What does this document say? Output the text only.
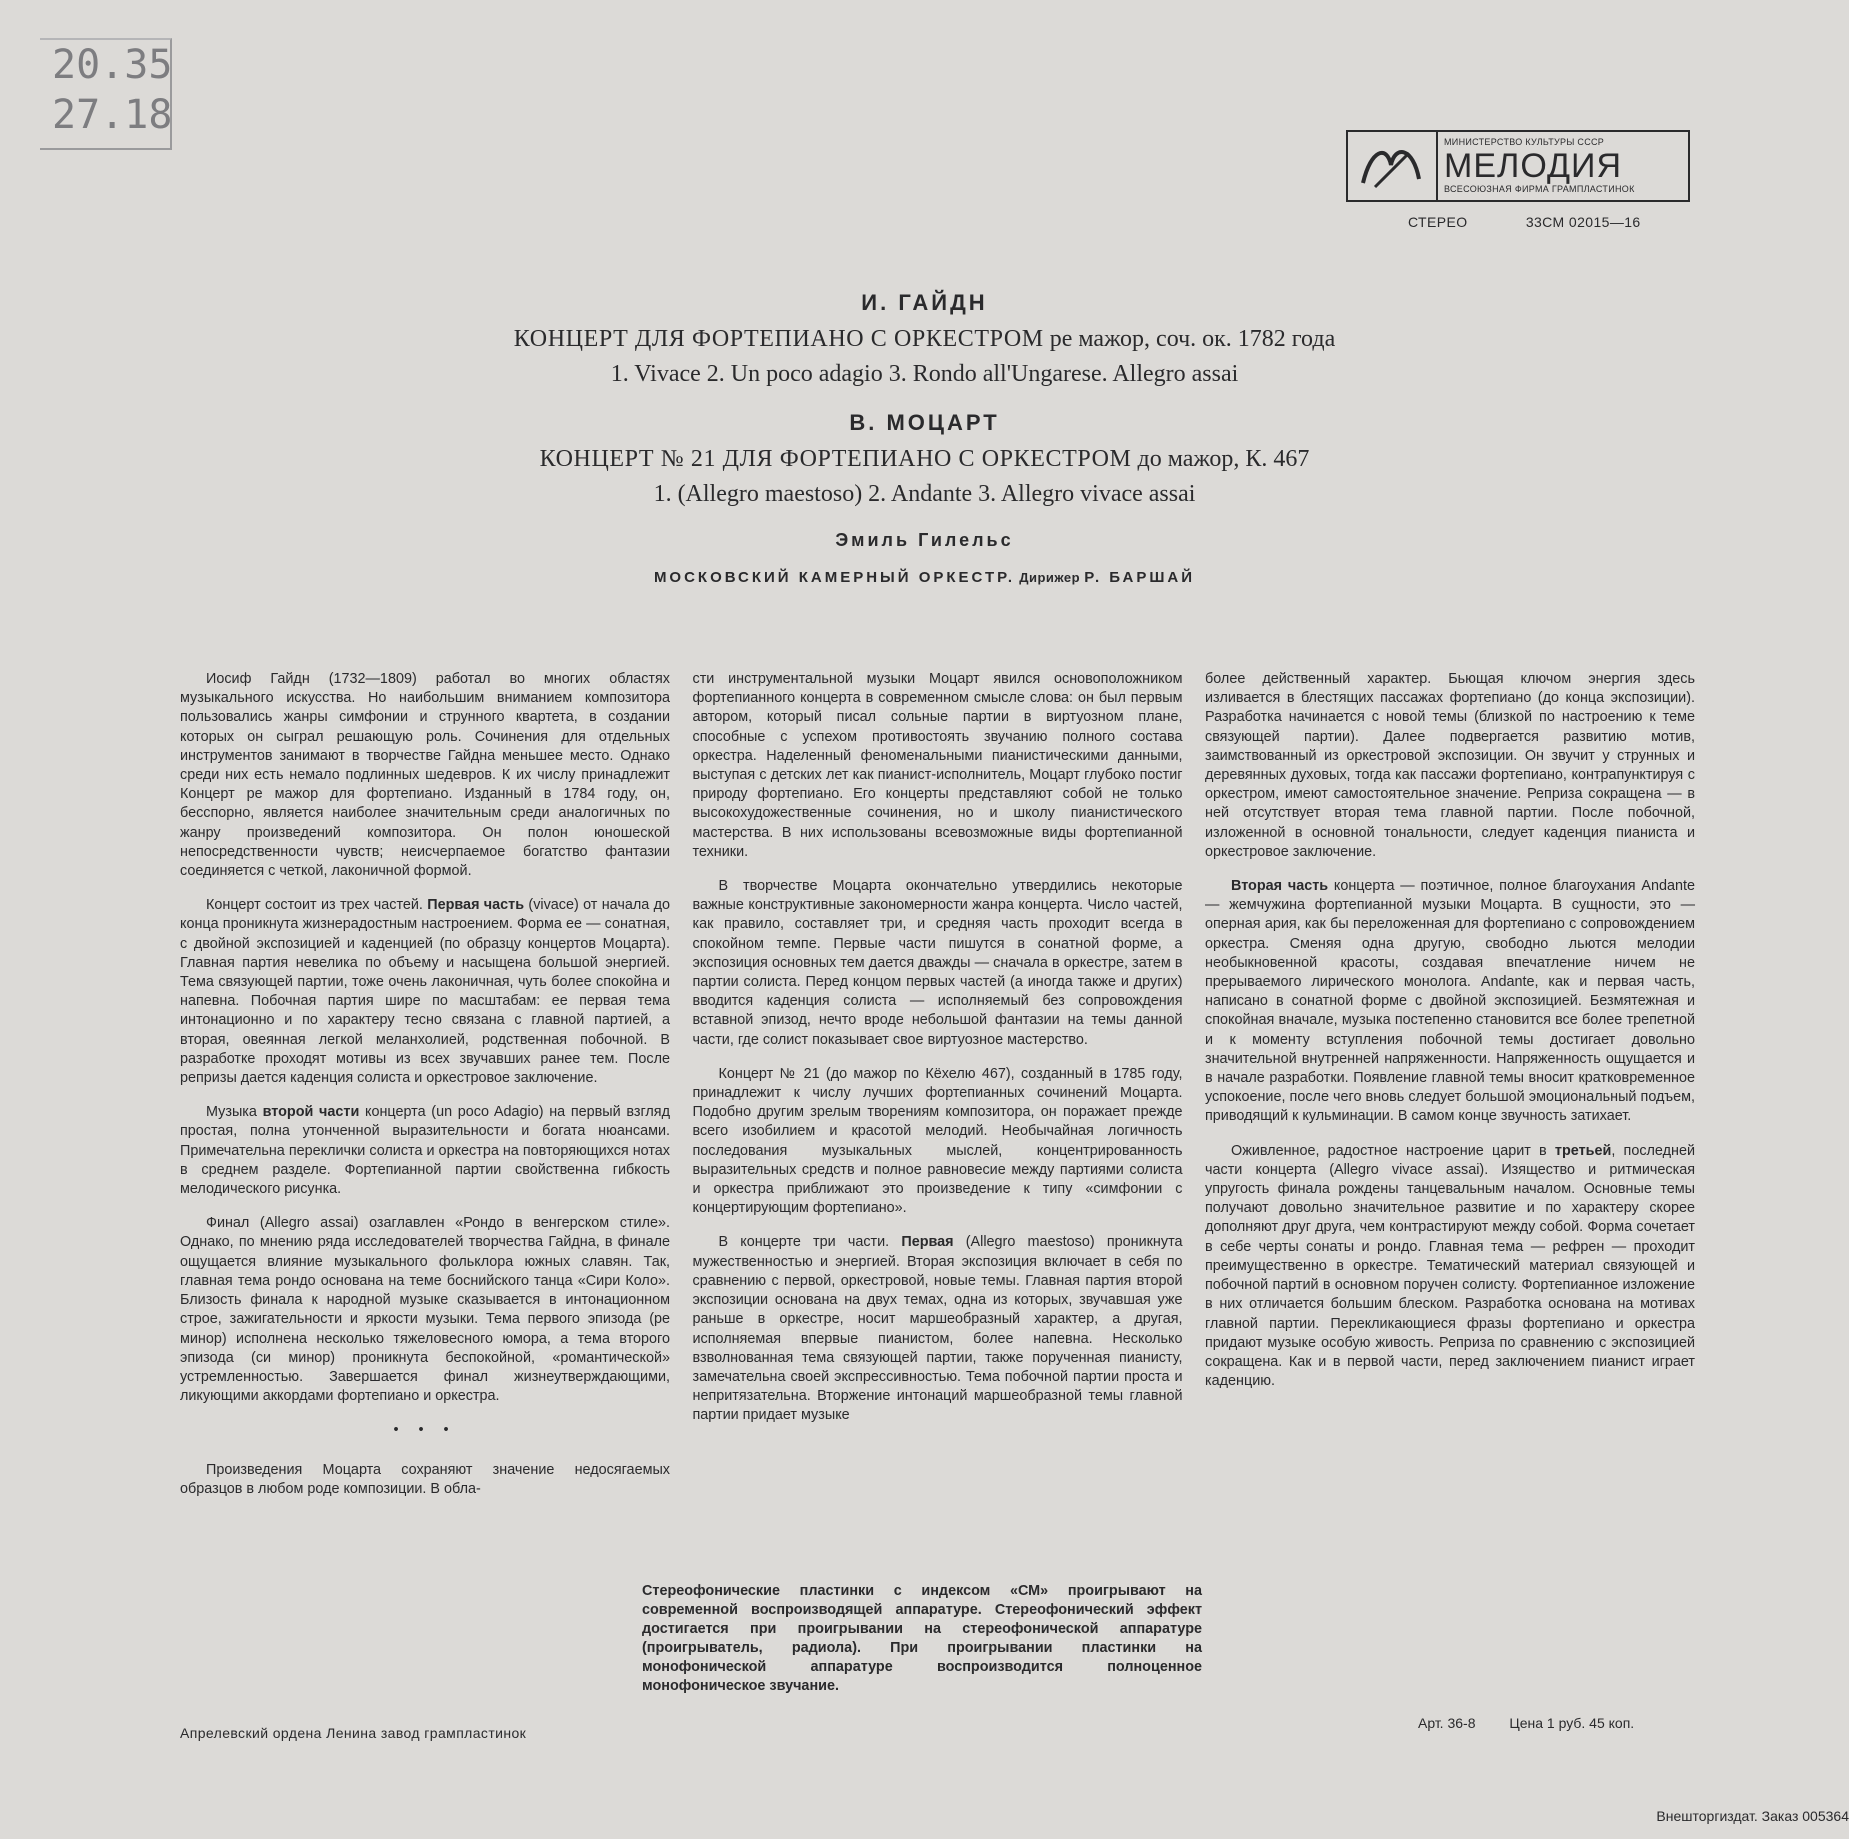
20.35
27.18
МИНИСТЕРСТВО КУЛЬТУРЫ СССР
МЕЛОДИЯ
ВСЕСОЮЗНАЯ ФИРМА ГРАМПЛАСТИНОК
СТЕРЕО	33СМ 02015—16
И. ГАЙДН
КОНЦЕРТ ДЛЯ ФОРТЕПИАНО С ОРКЕСТРОМ ре мажор, соч. ок. 1782 года
1. Vivace 2. Un poco adagio 3. Rondo all'Ungarese. Allegro assai
В. МОЦАРТ
КОНЦЕРТ № 21 ДЛЯ ФОРТЕПИАНО С ОРКЕСТРОМ до мажор, К. 467
1. (Allegro maestoso) 2. Andante 3. Allegro vivace assai
Эмиль Гилельс
МОСКОВСКИЙ КАМЕРНЫЙ ОРКЕСТР. Дирижер Р. БАРШАЙ

Иосиф Гайдн (1732—1809) работал во многих областях музыкального искусства. Но наибольшим вниманием композитора пользовались жанры симфонии и струнного квартета, в создании которых он сыграл решающую роль. Сочинения для отдельных инструментов занимают в творчестве Гайдна меньшее место. Однако среди них есть немало подлинных шедевров. К их числу принадлежит Концерт ре мажор для фортепиано. Изданный в 1784 году, он, бесспорно, является наиболее значительным среди аналогичных по жанру произведений композитора. Он полон юношеской непосредственности чувств; неисчерпаемое богатство фантазии соединяется с четкой, лаконичной формой.

Концерт состоит из трех частей. Первая часть (vivace) от начала до конца проникнута жизнерадостным настроением. Форма ее — сонатная, с двойной экспозицией и каденцией (по образцу концертов Моцарта). Главная партия невелика по объему и насыщена большой энергией. Тема связующей партии, тоже очень лаконичная, чуть более спокойна и напевна. Побочная партия шире по масштабам: ее первая тема интонационно и по характеру тесно связана с главной партией, а вторая, овеянная легкой меланхолией, родственная побочной. В разработке проходят мотивы из всех звучавших ранее тем. После репризы дается каденция солиста и оркестровое заключение.

Музыка второй части концерта (un poco Adagio) на первый взгляд простая, полна утонченной выразительности и богата нюансами. Примечательна переклички солиста и оркестра на повторяющихся нотах в среднем разделе. Фортепианной партии свойственна гибкость мелодического рисунка.

Финал (Allegro assai) озаглавлен «Рондо в венгерском стиле». Однако, по мнению ряда исследователей творчества Гайдна, в финале ощущается влияние музыкального фольклора южных славян. Так, главная тема рондо основана на теме боснийского танца «Сири Коло». Близость финала к народной музыке сказывается в интонационном строе, зажигательности и яркости музыки. Тема первого эпизода (ре минор) исполнена несколько тяжеловесного юмора, а тема второго эпизода (си минор) проникнута беспокойной, «романтической» устремленностью. Завершается финал жизнеутверждающими, ликующими аккордами фортепиано и оркестра.

• • •

Произведения Моцарта сохраняют значение недосягаемых образцов в любом роде композиции. В обла-

сти инструментальной музыки Моцарт явился основоположником фортепианного концерта в современном смысле слова: он был первым автором, который писал сольные партии в виртуозном плане, способные с успехом противостоять звучанию полного состава оркестра. Наделенный феноменальными пианистическими данными, выступая с детских лет как пианист-исполнитель, Моцарт глубоко постиг природу фортепиано. Его концерты представляют собой не только высокохудожественные сочинения, но и школу пианистического мастерства. В них использованы всевозможные виды фортепианной техники.

В творчестве Моцарта окончательно утвердились некоторые важные конструктивные закономерности жанра концерта. Число частей, как правило, составляет три, и средняя часть проходит всегда в спокойном темпе. Первые части пишутся в сонатной форме, а экспозиция основных тем дается дважды — сначала в оркестре, затем в партии солиста. Перед концом первых частей (а иногда также и других) вводится каденция солиста — исполняемый без сопровождения вставной эпизод, нечто вроде небольшой фантазии на темы данной части, где солист показывает свое виртуозное мастерство.

Концерт № 21 (до мажор по Кёхелю 467), созданный в 1785 году, принадлежит к числу лучших фортепианных сочинений Моцарта. Подобно другим зрелым творениям композитора, он поражает прежде всего изобилием и красотой мелодий. Необычайная логичность последования музыкальных мыслей, концентрированность выразительных средств и полное равновесие между партиями солиста и оркестра приближают это произведение к типу «симфонии с концертирующим фортепиано».

В концерте три части. Первая (Allegro maestoso) проникнута мужественностью и энергией. Вторая экспозиция включает в себя по сравнению с первой, оркестровой, новые темы. Главная партия второй экспозиции основана на двух темах, одна из которых, звучавшая уже раньше в оркестре, носит маршеобразный характер, а другая, исполняемая впервые пианистом, более напевна. Несколько взволнованная тема связующей партии, также порученная пианисту, замечательна своей экспрессивностью. Тема побочной партии проста и непритязательна. Вторжение интонаций маршеобразной темы главной партии придает музыке

более действенный характер. Бьющая ключом энергия здесь изливается в блестящих пассажах фортепиано (до конца экспозиции). Разработка начинается с новой темы (близкой по настроению к теме связующей партии). Далее подвергается развитию мотив, заимствованный из оркестровой экспозиции. Он звучит у струнных и деревянных духовых, тогда как пассажи фортепиано, контрапунктируя с оркестром, имеют самостоятельное значение. Реприза сокращена — в ней отсутствует вторая тема главной партии. После побочной, изложенной в основной тональности, следует каденция пианиста и оркестровое заключение.

Вторая часть концерта — поэтичное, полное благоухания Andante — жемчужина фортепианной музыки Моцарта. В сущности, это — оперная ария, как бы переложенная для фортепиано с сопровождением оркестра. Сменяя одна другую, свободно льются мелодии необыкновенной красоты, создавая впечатление ничем не прерываемого лирического монолога. Andante, как и первая часть, написано в сонатной форме с двойной экспозицией. Безмятежная и спокойная вначале, музыка постепенно становится все более трепетной и к моменту вступления побочной темы достигает довольно значительной внутренней напряженности. Напряженность ощущается и в начале разработки. Появление главной темы вносит кратковременное успокоение, после чего вновь следует большой эмоциональный подъем, приводящий к кульминации. В самом конце звучность затихает.

Оживленное, радостное настроение царит в третьей, последней части концерта (Allegro vivace assai). Изящество и ритмическая упругость финала рождены танцевальным началом. Основные темы получают довольно значительное развитие и по характеру скорее дополняют друг друга, чем контрастируют между собой. Форма сочетает в себе черты сонаты и рондо. Главная тема — рефрен — проходит преимущественно в оркестре. Тематический материал связующей и побочной партий в основном поручен солисту. Фортепианное изложение в них отличается большим блеском. Разработка основана на мотивах главной партии. Перекликающиеся фразы фортепиано и оркестра придают музыке особую живость. Реприза по сравнению с экспозицией сокращена. Как и в первой части, перед заключением пианист играет каденцию.

Стереофонические пластинки с индексом «СМ» проигрывают на современной воспроизводящей аппаратуре. Стереофонический эффект достигается при проигрывании на стереофонической аппаратуре (проигрыватель, радиола). При проигрывании пластинки на монофонической аппаратуре воспроизводится полноценное монофоническое звучание.
Апрелевский ордена Ленина завод грампластинок
Арт. 36-8 Цена 1 руб. 45 коп.
Внешторгиздат. Заказ 005364
